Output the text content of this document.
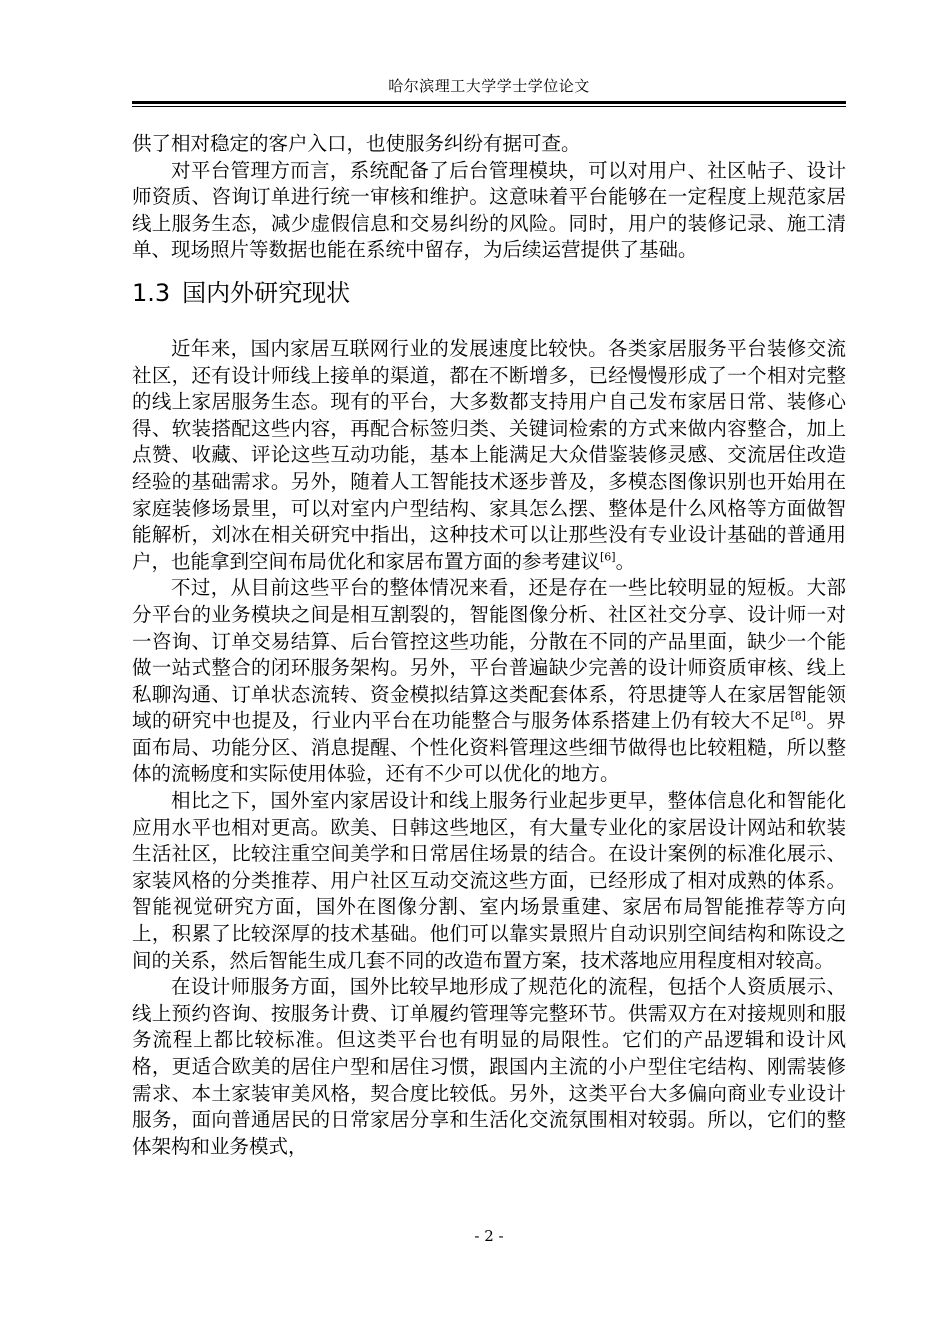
哈尔滨理工大学学士学位论文

供了相对稳定的客户入口，也使服务纠纷有据可查。

对平台管理方而言，系统配备了后台管理模块，可以对用户、社区帖子、设计师资质、咨询订单进行统一审核和维护。这意味着平台能够在一定程度上规范家居线上服务生态，减少虚假信息和交易纠纷的风险。同时，用户的装修记录、施工清单、现场照片等数据也能在系统中留存，为后续运营提供了基础。

1.3 国内外研究现状

近年来，国内家居互联网行业的发展速度比较快。各类家居服务平台装修交流社区，还有设计师线上接单的渠道，都在不断增多，已经慢慢形成了一个相对完整的线上家居服务生态。现有的平台，大多数都支持用户自己发布家居日常、装修心得、软装搭配这些内容，再配合标签归类、关键词检索的方式来做内容整合，加上点赞、收藏、评论这些互动功能，基本上能满足大众借鉴装修灵感、交流居住改造经验的基础需求。另外，随着人工智能技术逐步普及，多模态图像识别也开始用在家庭装修场景里，可以对室内户型结构、家具怎么摆、整体是什么风格等方面做智能解析，刘冰在相关研究中指出，这种技术可以让那些没有专业设计基础的普通用户，也能拿到空间布局优化和家居布置方面的参考建议[6]。

不过，从目前这些平台的整体情况来看，还是存在一些比较明显的短板。大部分平台的业务模块之间是相互割裂的，智能图像分析、社区社交分享、设计师一对一咨询、订单交易结算、后台管控这些功能，分散在不同的产品里面，缺少一个能做一站式整合的闭环服务架构。另外，平台普遍缺少完善的设计师资质审核、线上私聊沟通、订单状态流转、资金模拟结算这类配套体系，符思捷等人在家居智能领域的研究中也提及，行业内平台在功能整合与服务体系搭建上仍有较大不足[8]。界面布局、功能分区、消息提醒、个性化资料管理这些细节做得也比较粗糙，所以整体的流畅度和实际使用体验，还有不少可以优化的地方。

相比之下，国外室内家居设计和线上服务行业起步更早，整体信息化和智能化应用水平也相对更高。欧美、日韩这些地区，有大量专业化的家居设计网站和软装生活社区，比较注重空间美学和日常居住场景的结合。在设计案例的标准化展示、家装风格的分类推荐、用户社区互动交流这些方面，已经形成了相对成熟的体系。智能视觉研究方面，国外在图像分割、室内场景重建、家居布局智能推荐等方向上，积累了比较深厚的技术基础。他们可以靠实景照片自动识别空间结构和陈设之间的关系，然后智能生成几套不同的改造布置方案，技术落地应用程度相对较高。

在设计师服务方面，国外比较早地形成了规范化的流程，包括个人资质展示、线上预约咨询、按服务计费、订单履约管理等完整环节。供需双方在对接规则和服务流程上都比较标准。但这类平台也有明显的局限性。它们的产品逻辑和设计风格，更适合欧美的居住户型和居住习惯，跟国内主流的小户型住宅结构、刚需装修需求、本土家装审美风格，契合度比较低。另外，这类平台大多偏向商业专业设计服务，面向普通居民的日常家居分享和生活化交流氛围相对较弱。所以，它们的整体架构和业务模式，

- 2 -
